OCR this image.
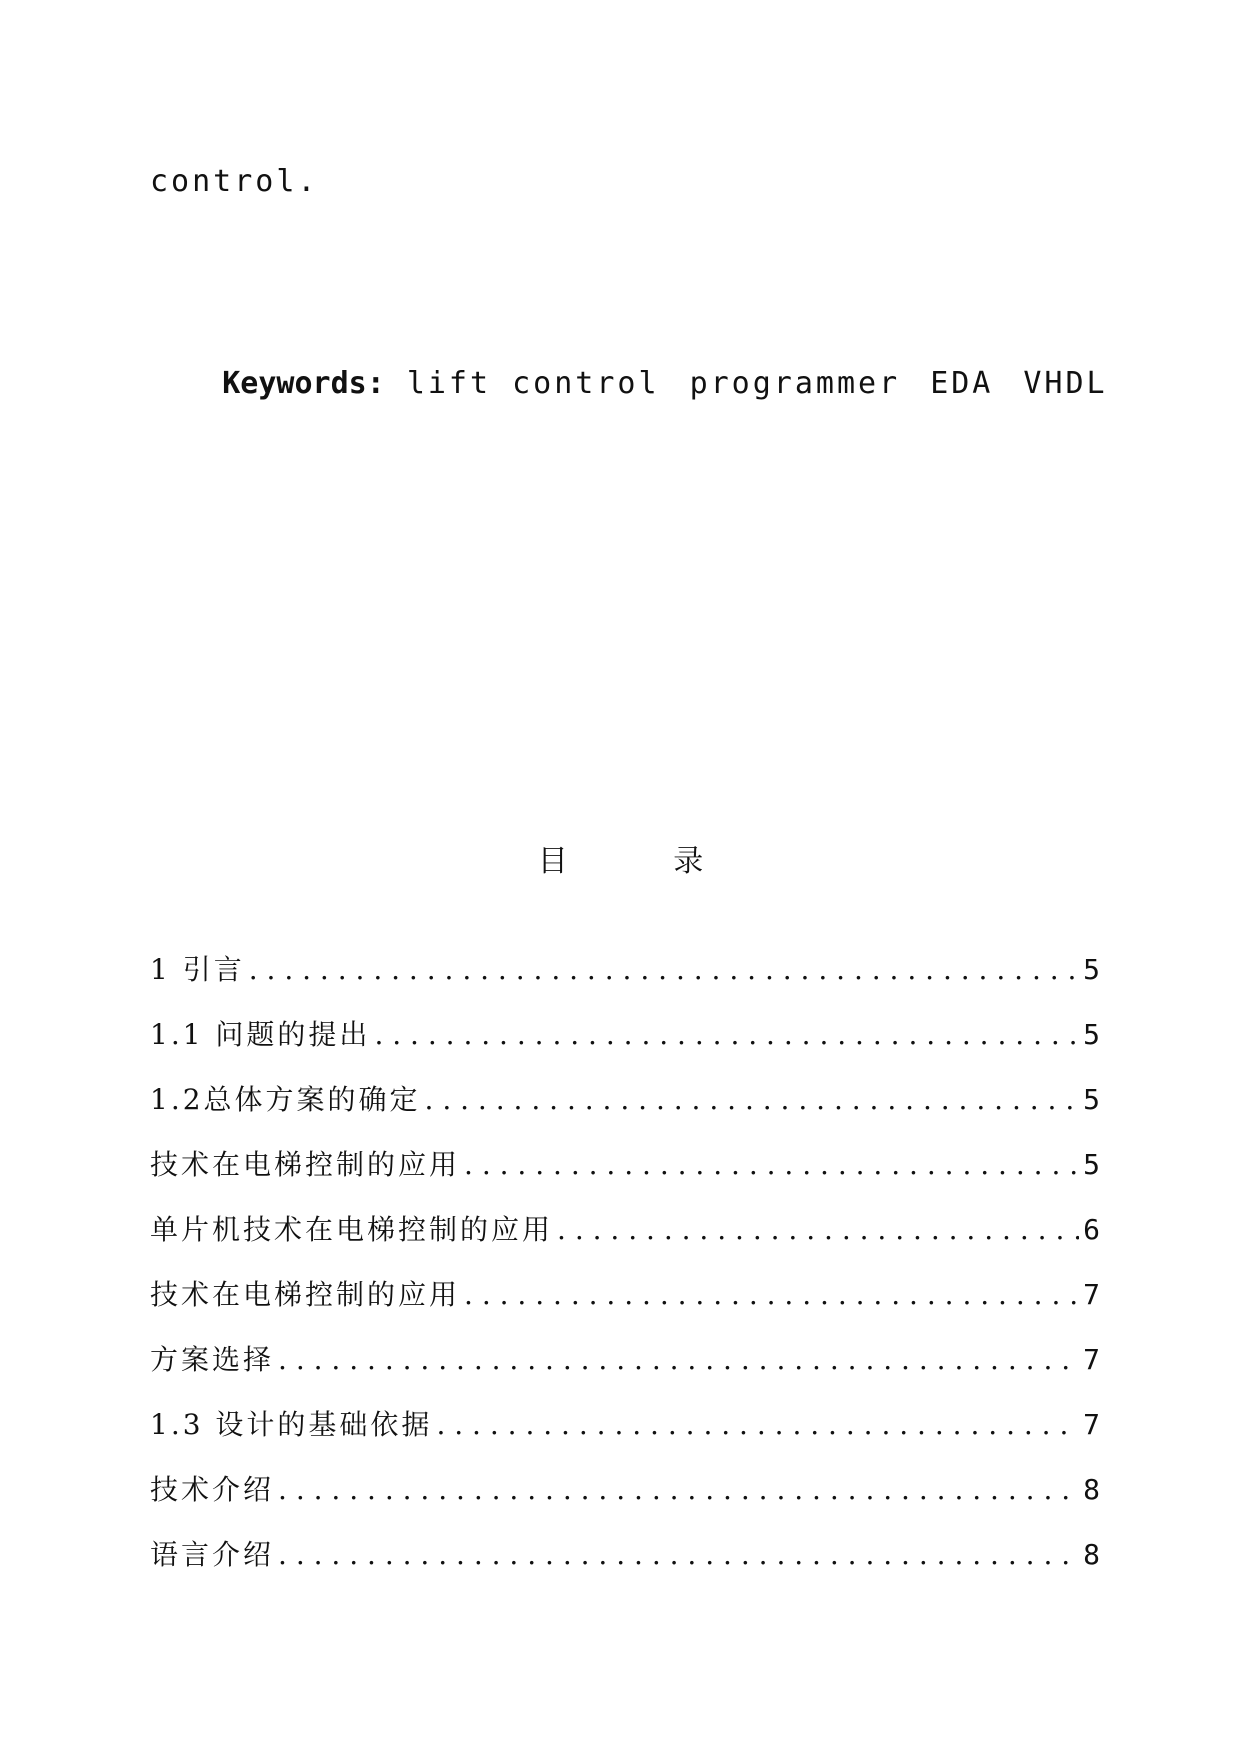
control.

Keywords: lift control programmer EDA VHDL

目 录
1 引言 . . .	5
1.1 问题的提出 . . .	5
1.2总体方案的确定 . . .	5
技术在电梯控制的应用 . . .	5
单片机技术在电梯控制的应用 . . .	6
技术在电梯控制的应用 . . .	7
方案选择 . . .	7
1.3 设计的基础依据 . . .	7
技术介绍 . . .	8
语言介绍 . . .	8
